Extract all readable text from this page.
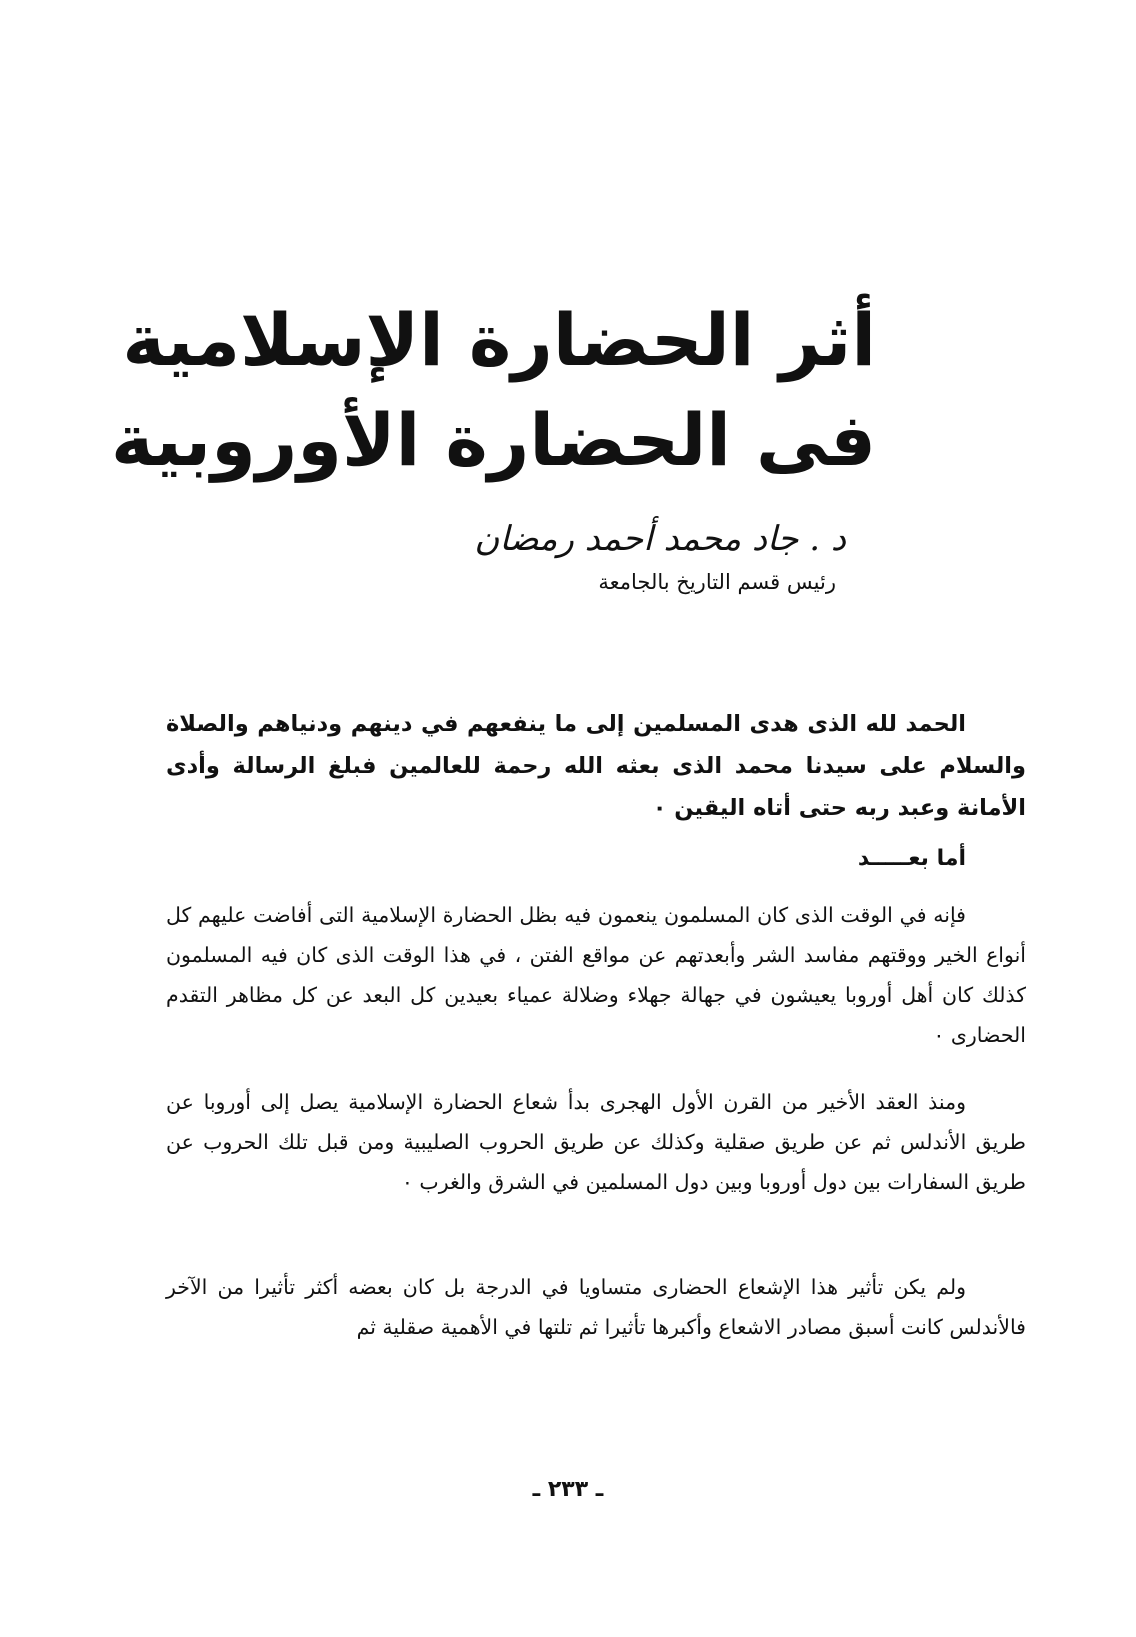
أثر الحضارة الإسلامية
فى الحضارة الأوروبية
د . جاد محمد أحمد رمضان
رئيس قسم التاريخ بالجامعة

الحمد لله الذى هدى المسلمين إلى ما ينفعهم في دينهم ودنياهم والصلاة والسلام على سيدنا محمد الذى بعثه الله رحمة للعالمين فبلغ الرسالة وأدى الأمانة وعبد ربه حتى أتاه اليقين ٠

أما بعـــــد

فإنه في الوقت الذى كان المسلمون ينعمون فيه بظل الحضارة الإسلامية التى أفاضت عليهم كل أنواع الخير ووقتهم مفاسد الشر وأبعدتهم عن مواقع الفتن ، في هذا الوقت الذى كان فيه المسلمون كذلك كان أهل أوروبا يعيشون في جهالة جهلاء وضلالة عمياء بعيدين كل البعد عن كل مظاهر التقدم الحضارى ٠

ومنذ العقد الأخير من القرن الأول الهجرى بدأ شعاع الحضارة الإسلامية يصل إلى أوروبا عن طريق الأندلس ثم عن طريق صقلية وكذلك عن طريق الحروب الصليبية ومن قبل تلك الحروب عن طريق السفارات بين دول أوروبا وبين دول المسلمين في الشرق والغرب ٠

ولم يكن تأثير هذا الإشعاع الحضارى متساويا في الدرجة بل كان بعضه أكثر تأثيرا من الآخر فالأندلس كانت أسبق مصادر الاشعاع وأكبرها تأثيرا ثم تلتها في الأهمية صقلية ثم

ـ ٢٣٣ ـ
